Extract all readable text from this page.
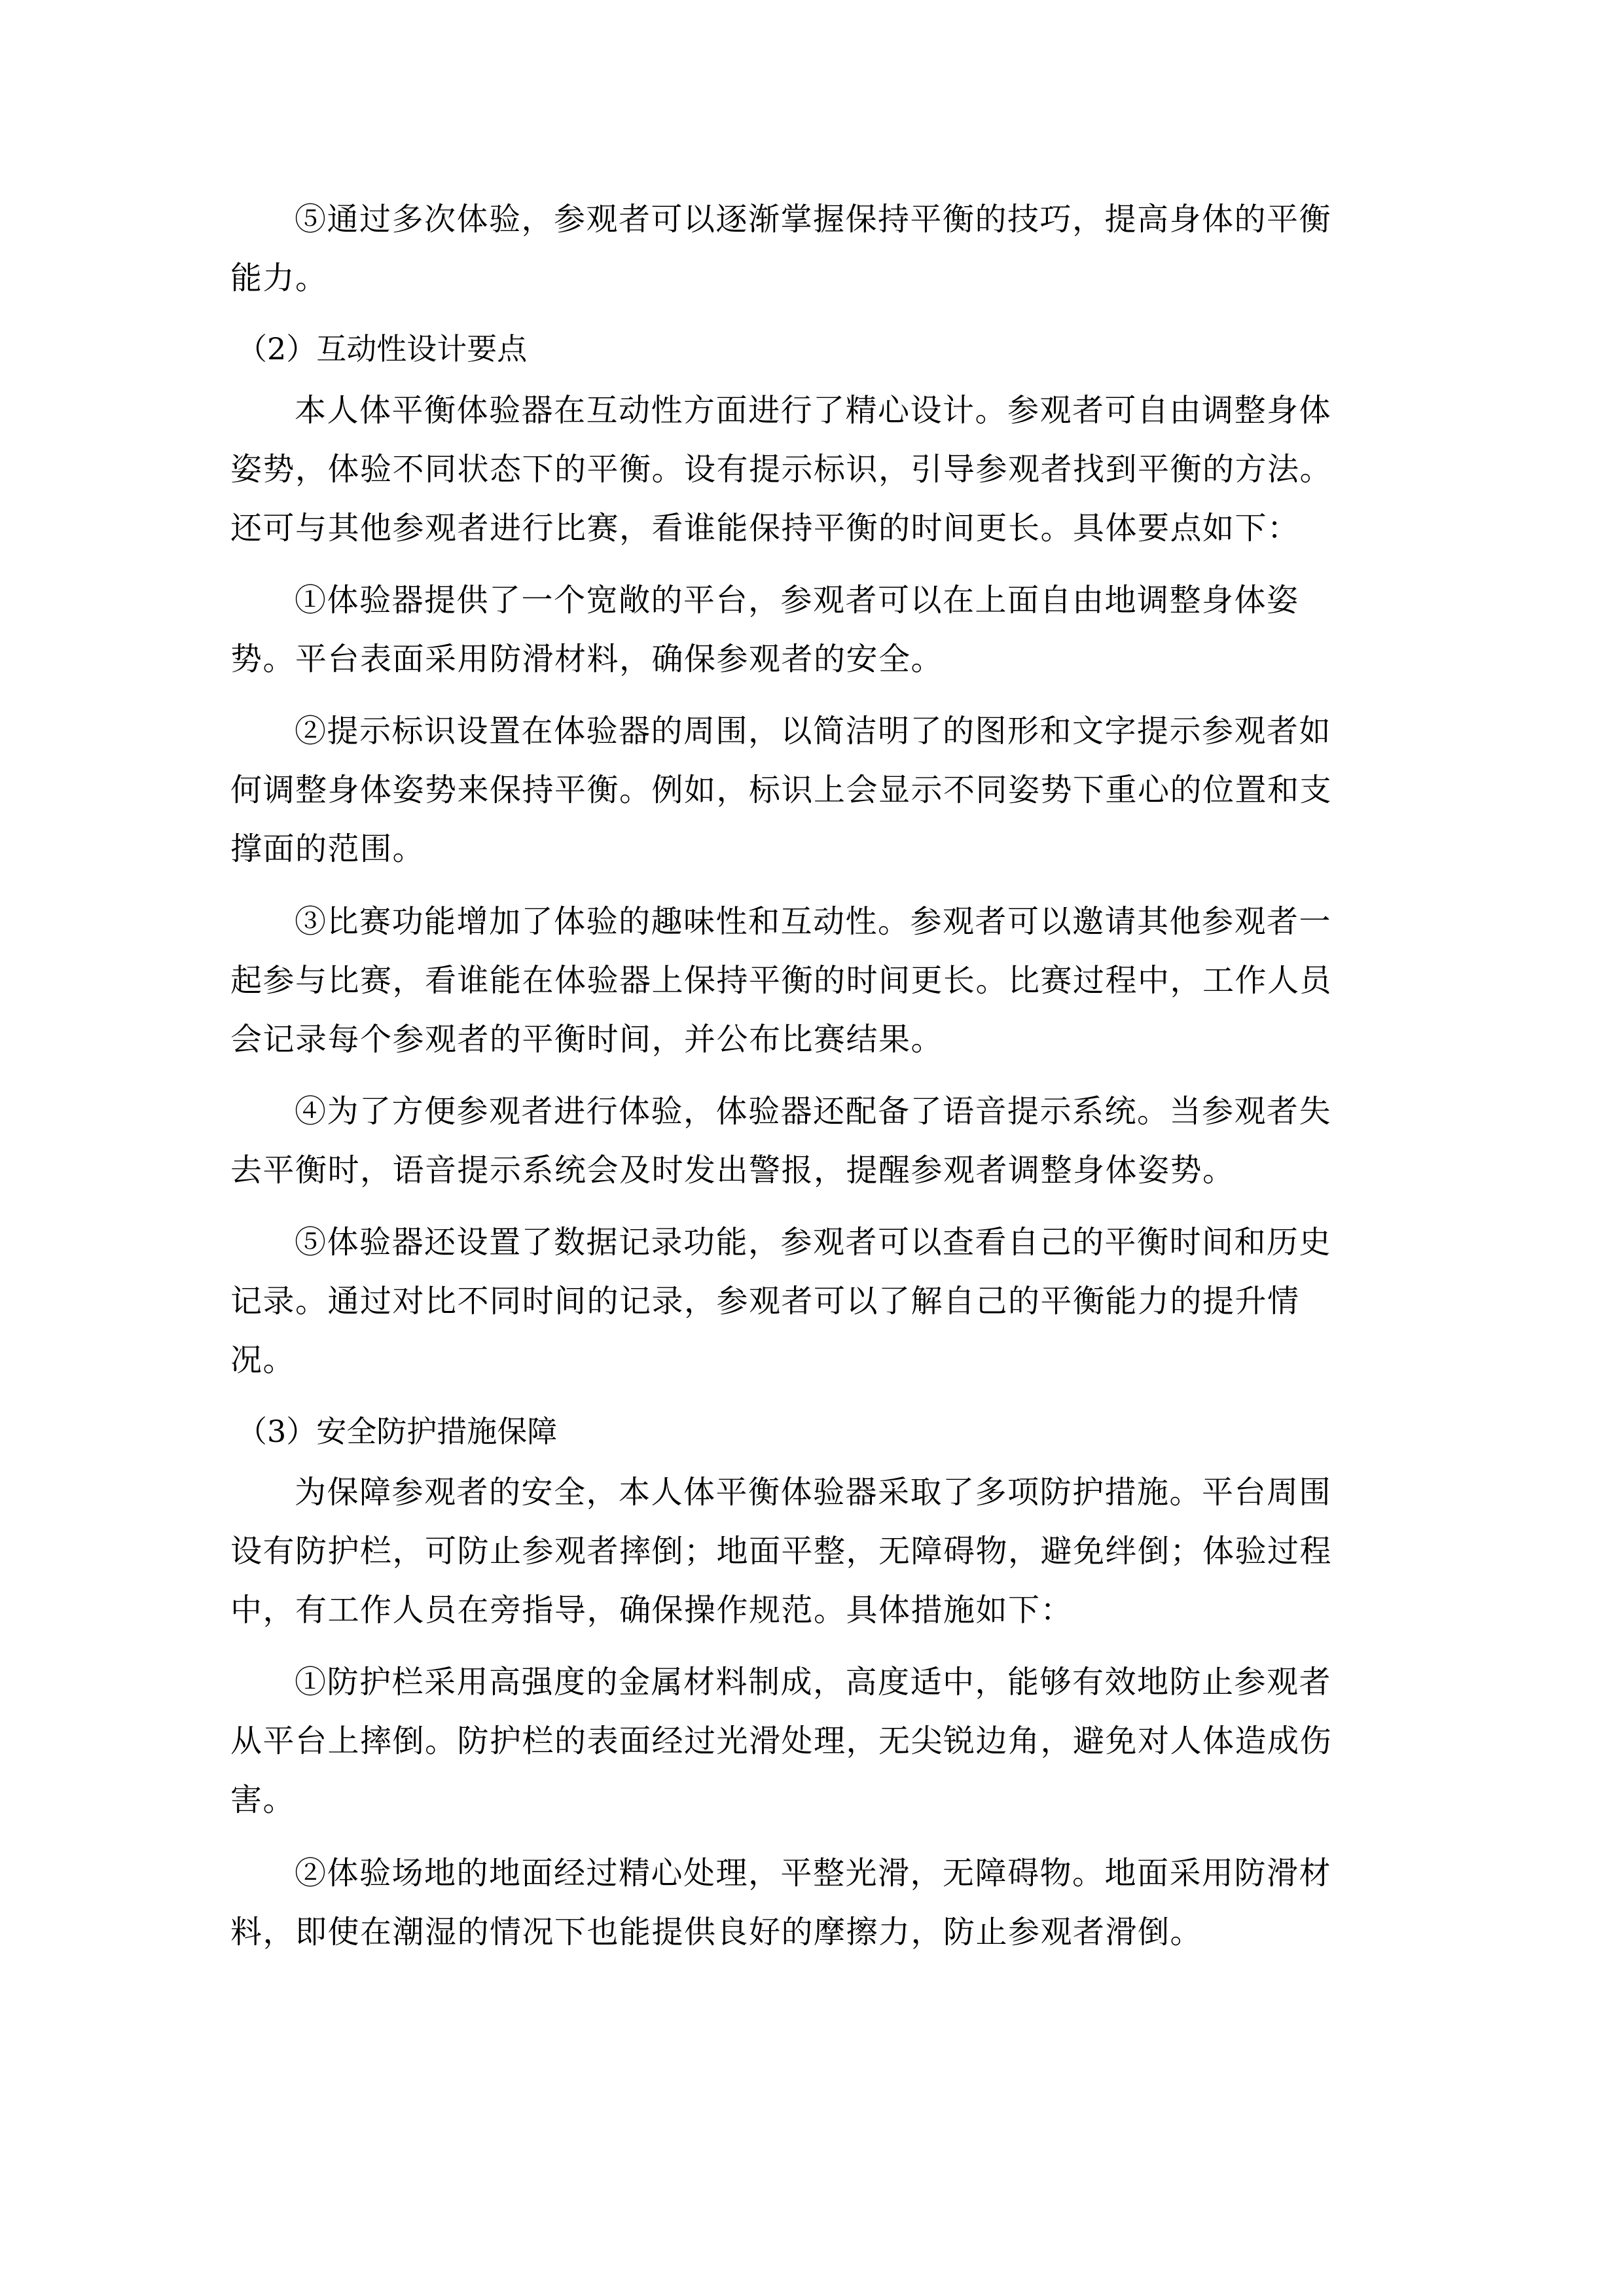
⑤通过多次体验，参观者可以逐渐掌握保持平衡的技巧，提高身体的平衡
能力。
（2）互动性设计要点
本人体平衡体验器在互动性方面进行了精心设计。参观者可自由调整身体
姿势，体验不同状态下的平衡。设有提示标识，引导参观者找到平衡的方法。
还可与其他参观者进行比赛，看谁能保持平衡的时间更长。具体要点如下：
①体验器提供了一个宽敞的平台，参观者可以在上面自由地调整身体姿
势。平台表面采用防滑材料，确保参观者的安全。
②提示标识设置在体验器的周围，以简洁明了的图形和文字提示参观者如
何调整身体姿势来保持平衡。例如，标识上会显示不同姿势下重心的位置和支
撑面的范围。
③比赛功能增加了体验的趣味性和互动性。参观者可以邀请其他参观者一
起参与比赛，看谁能在体验器上保持平衡的时间更长。比赛过程中，工作人员
会记录每个参观者的平衡时间，并公布比赛结果。
④为了方便参观者进行体验，体验器还配备了语音提示系统。当参观者失
去平衡时，语音提示系统会及时发出警报，提醒参观者调整身体姿势。
⑤体验器还设置了数据记录功能，参观者可以查看自己的平衡时间和历史
记录。通过对比不同时间的记录，参观者可以了解自己的平衡能力的提升情
况。
（3）安全防护措施保障
为保障参观者的安全，本人体平衡体验器采取了多项防护措施。平台周围
设有防护栏，可防止参观者摔倒；地面平整，无障碍物，避免绊倒；体验过程
中，有工作人员在旁指导，确保操作规范。具体措施如下：
①防护栏采用高强度的金属材料制成，高度适中，能够有效地防止参观者
从平台上摔倒。防护栏的表面经过光滑处理，无尖锐边角，避免对人体造成伤
害。
②体验场地的地面经过精心处理，平整光滑，无障碍物。地面采用防滑材
料，即使在潮湿的情况下也能提供良好的摩擦力，防止参观者滑倒。
